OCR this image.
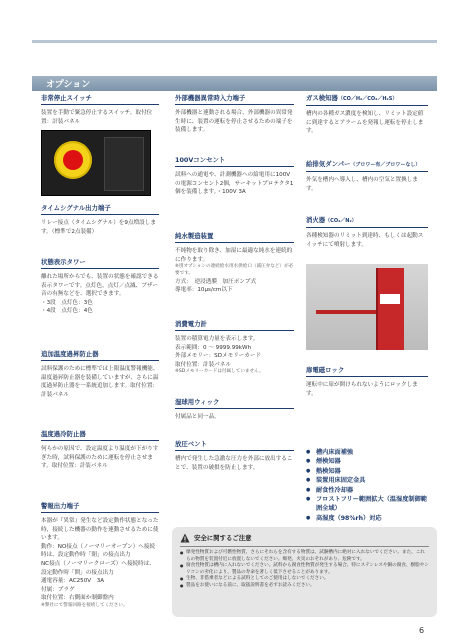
オプション
非常停止スイッチ
装置を手動で緊急停止するスイッチ。取付位置：計装パネル
タイムシグナル出力端子
リレー接点（タイムシグナル）を9点増設します。（標準で2点装備）
状態表示タワー

離れた場所からでも、装置の状態を確認できる表示タワーです。点灯色，点灯／点滅、ブザー音の有無などを、選択できます。

・3段　点灯色：3色

・4段　点灯色：4色

追加温度過昇防止器
試料保護のために標準では上限温度警報機能、温度過昇防止器を装備していますが、さらに温度過昇防止器を一系統追加します。取付位置：計装パネル
温度過冷防止器
何らかの原因で、設定温度より温度が下がりすぎた時，試料保護のために運転を停止させます。取付位置：計装パネル
警報出力端子

本器が『異常』発生など設定動作状態となった時，接続した機器の動作を連動させるために使います。

動作：NO接点（ノーマリーオープン）へ接続時は、設定動作時「閉」の接点出力

NC接点（ノーマリークローズ）へ接続時は、設定動作時「開」の接点出力

通電容量：AC250V　3A

付属：プラグ

取付位置：右側面か制御盤内

※弊社にて警報回路を接続してください。

外部機器異常時入力端子
外部機器と連動される場合、外部機器の異常発生時に、装置の運転を停止させるための端子を装備します。
100Vコンセント
試料への通電や、計測機器への給電用に100Vの電源コンセント2個，サーキットプロテクタ1個を装備します。・100V 3A
純水製造装置

不純物を取り除き、加湿に最適な純水を連続的に作ります。

※別オプションの連続給水用水供給口（減圧弁など）が必要です。

方式：　逆浸透膜　加圧ポンプ式

導電率：10μs/cm以下

消費電力計

装置の積算電力量を表示します。

表示範囲：0 ～ 9999.99kWh

外部メモリー：SDメモリーカード

取付位置：計装パネル

※SDメモリーカードは付属していません。

湿球用ウィック
付属品と同一品。
放圧ベント
槽内で発生した急激な圧力を外部に放出することで、装置の破損を防止します。
ガス検知器（CO／H₂／CO₂／H₂S）
槽内の各種ガス濃度を検知し、リミット設定値に到達するとアラームを発報し運転を停止します。
給排気ダンパー（ブロワー有／ブロワーなし）
外気を槽内へ導入し、槽内の空気と置換します。
消火器（CO₂／N₂）
各種検知器のリミット到達時、もしくは起動スイッチにて噴射します。
扉電磁ロック
運転中に扉が開けられないようにロックします。
● 槽内床面補強
● 煙検知器
● 熱検知器
● 装置用床固定金具
● 耐食性冷却器
● フロストフリー範囲拡大（温湿度制御範囲全域）
● 高湿度（98%rh）対応
安全に関するご注意
● 爆発性物質および可燃性物質、さらにそれらを含有する物質は、試験槽内に絶対に入れないでください。また、これらの物質を装置付近に放置しないでください。爆発、火災のおそれがあり、危険です。
● 腐食性物質は槽内に入れないでください。試料から腐食性物質が発生する場合、特にステンレスや銅の腐食、樹脂やシリコンの劣化により、製品の寿命を著しく低下させることがあります。
● 生物、非搭乗者などによる試料としてのご使用はしないでください。
● 製品をお使いになる前に、取扱説明書を必ずお読みください。
6
